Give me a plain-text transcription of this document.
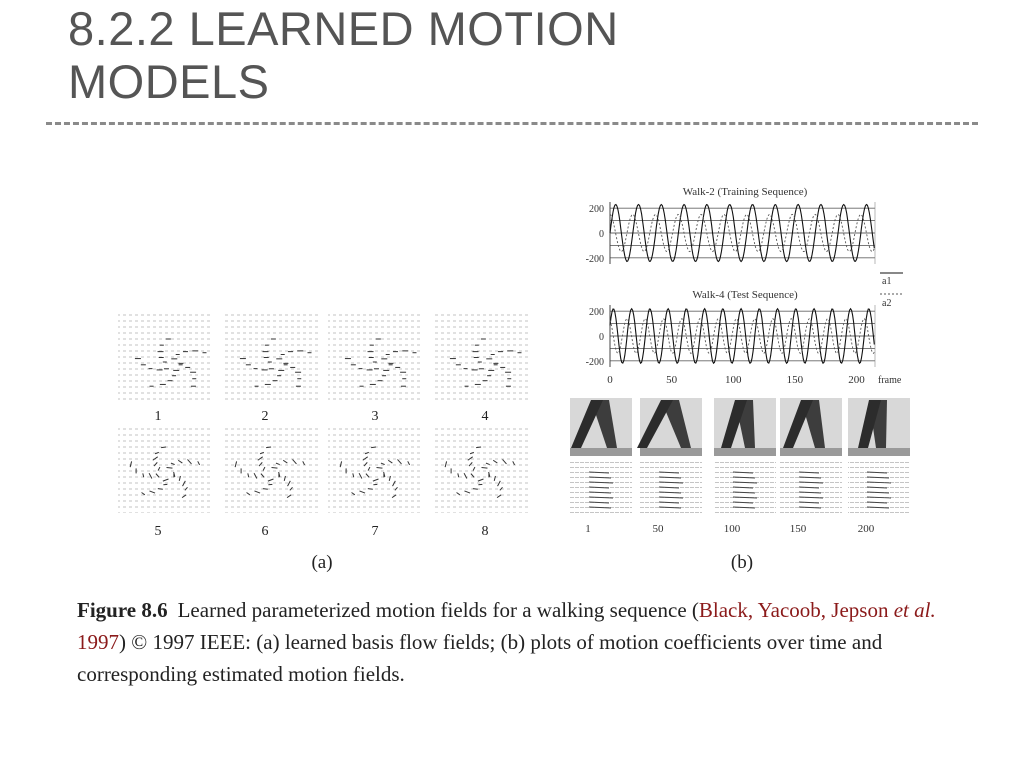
8.2.2 LEARNED MOTION
MODELS
1	2	3	4
5	6	7	8
(a)
Walk-2 (Training Sequence)
200
0
-200
Walk-4 (Test Sequence)
200
0
-200
0	50	100	150	200 frame
a1
a2
1	50	100	150	200
(b)
Figure 8.6 Learned parameterized motion fields for a walking sequence (Black, Yacoob, Jepson et al. 1997) © 1997 IEEE: (a) learned basis flow fields; (b) plots of motion coefficients over time and corresponding estimated motion fields.
